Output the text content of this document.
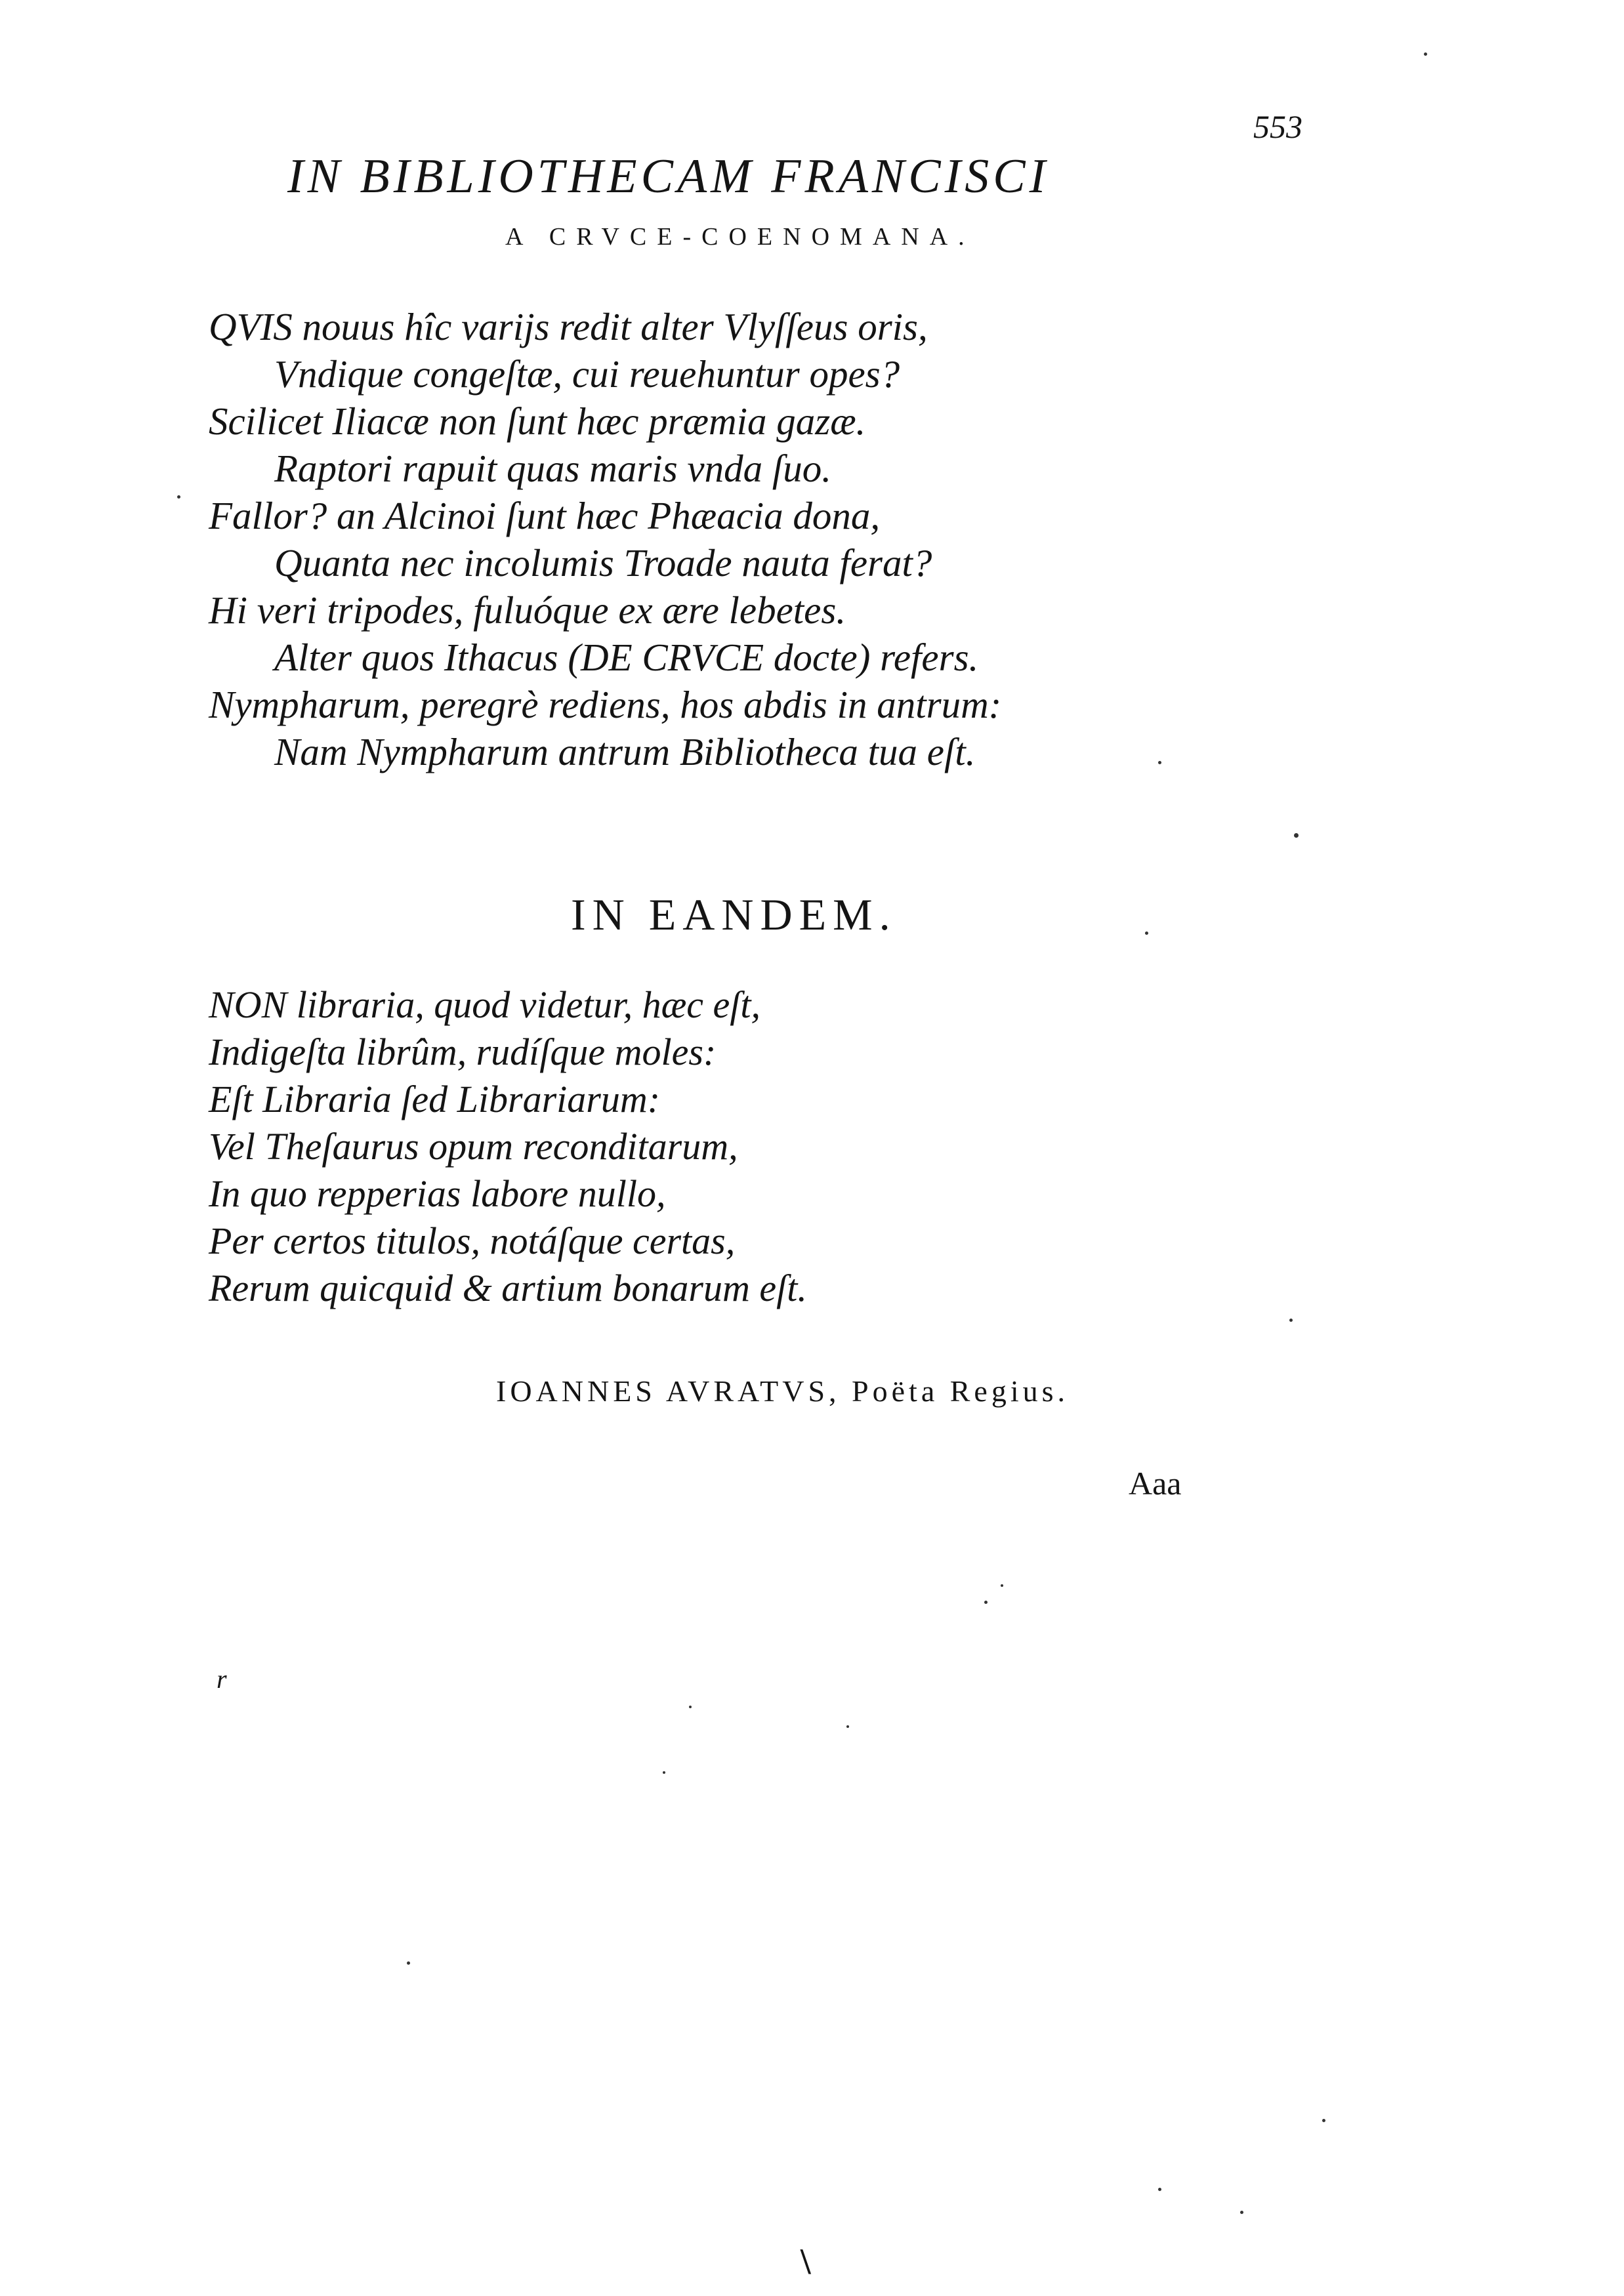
553
IN BIBLIOTHECAM FRANCISCI
A CRVCE-COENOMANA.
QVIS nouus hîc varijs redit alter Vlyſſeus oris,
Vndique congeſtæ, cui reuehuntur opes?
Scilicet Iliacæ non ſunt hæc præmia gazæ.
Raptori rapuit quas maris vnda ſuo.
Fallor? an Alcinoi ſunt hæc Phæacia dona,
Quanta nec incolumis Troade nauta ferat?
Hi veri tripodes, fuluóque ex ære lebetes.
Alter quos Ithacus (DE CRVCE docte) refers.
Nympharum, peregrè rediens, hos abdis in antrum:
Nam Nympharum antrum Bibliotheca tua eſt.
IN EANDEM.
NON libraria, quod videtur, hæc eſt,
Indigeſta librûm, rudíſque moles:
Eſt Libraria ſed Librariarum:
Vel Theſaurus opum reconditarum,
In quo repperias labore nullo,
Per certos titulos, notáſque certas,
Rerum quicquid & artium bonarum eſt.
IOANNES AVRATVS, Poëta Regius.
Aaa
r
\
